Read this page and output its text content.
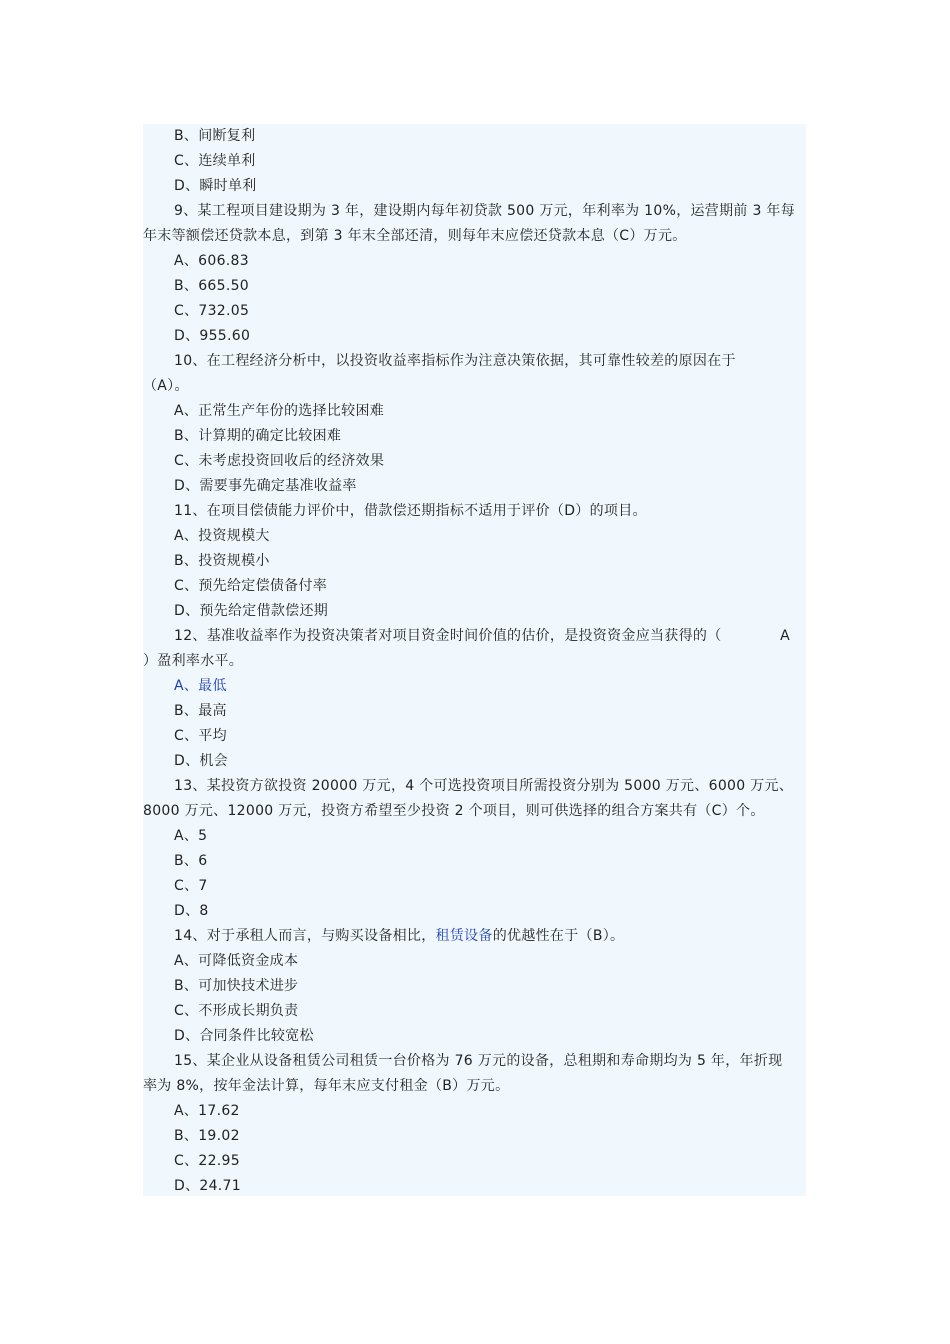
B、间断复利
C、连续单利
D、瞬时单利
9、某工程项目建设期为 3 年，建设期内每年初贷款 500 万元，年利率为 10%，运营期前 3 年每
年末等额偿还贷款本息，到第 3 年末全部还清，则每年末应偿还贷款本息（C）万元。
A、606.83
B、665.50
C、732.05
D、955.60
10、在工程经济分析中，以投资收益率指标作为注意决策依据，其可靠性较差的原因在于
（A）。
A、正常生产年份的选择比较困难
B、计算期的确定比较困难
C、未考虑投资回收后的经济效果
D、需要事先确定基准收益率
11、在项目偿债能力评价中，借款偿还期指标不适用于评价（D）的项目。
A、投资规模大
B、投资规模小
C、预先给定偿债备付率
D、预先给定借款偿还期
12、基准收益率作为投资决策者对项目资金时间价值的估价，是投资资金应当获得的（	A
）盈利率水平。
A、最低
B、最高
C、平均
D、机会
13、某投资方欲投资 20000 万元，4 个可选投资项目所需投资分别为 5000 万元、6000 万元、
8000 万元、12000 万元，投资方希望至少投资 2 个项目，则可供选择的组合方案共有（C）个。
A、5
B、6
C、7
D、8
14、对于承租人而言，与购买设备相比，租赁设备的优越性在于（B）。
A、可降低资金成本
B、可加快技术进步
C、不形成长期负责
D、合同条件比较宽松
15、某企业从设备租赁公司租赁一台价格为 76 万元的设备，总租期和寿命期均为 5 年，年折现
率为 8%，按年金法计算，每年末应支付租金（B）万元。
A、17.62
B、19.02
C、22.95
D、24.71
